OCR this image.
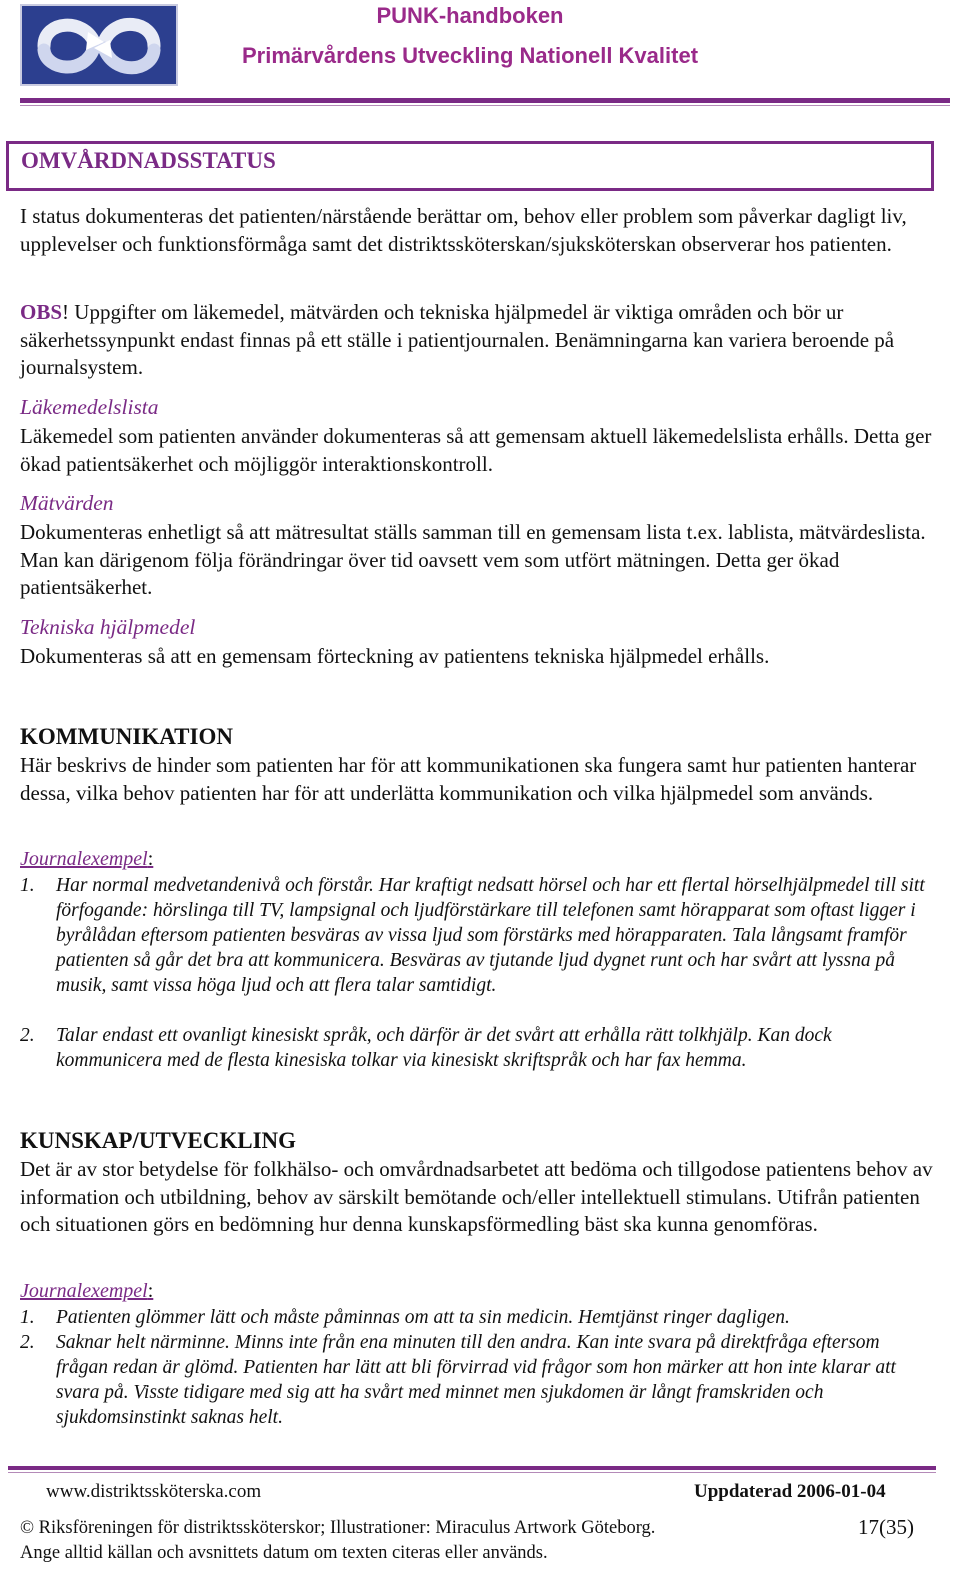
PUNK-handboken
Primärvårdens Utveckling Nationell Kvalitet
OMVÅRDNADSSTATUS

I status dokumenteras det patienten/närstående berättar om, behov eller problem som påverkar dagligt liv, upplevelser och funktionsförmåga samt det distriktssköterskan/sjuksköterskan observerar hos patienten.

OBS! Uppgifter om läkemedel, mätvärden och tekniska hjälpmedel är viktiga områden och bör ur säkerhetssynpunkt endast finnas på ett ställe i patientjournalen. Benämningarna kan variera beroende på journalsystem.

Läkemedelslista

Läkemedel som patienten använder dokumenteras så att gemensam aktuell läkemedelslista erhålls. Detta ger ökad patientsäkerhet och möjliggör interaktionskontroll.

Mätvärden

Dokumenteras enhetligt så att mätresultat ställs samman till en gemensam lista t.ex. lablista, mätvärdeslista. Man kan därigenom följa förändringar över tid oavsett vem som utfört mätningen. Detta ger ökad patientsäkerhet.

Tekniska hjälpmedel

Dokumenteras så att en gemensam förteckning av patientens tekniska hjälpmedel erhålls.

KOMMUNIKATION

Här beskrivs de hinder som patienten har för att kommunikationen ska fungera samt hur patienten hanterar dessa, vilka behov patienten har för att underlätta kommunikation och vilka hjälpmedel som används.

Journalexempel:
1.	Har normal medvetandenivå och förstår. Har kraftigt nedsatt hörsel och har ett flertal hörselhjälpmedel till sitt förfogande: hörslinga till TV, lampsignal och ljudförstärkare till telefonen samt hörapparat som oftast ligger i byrålådan eftersom patienten besväras av vissa ljud som förstärks med hörapparaten. Tala långsamt framför patienten så går det bra att kommunicera. Besväras av tjutande ljud dygnet runt och har svårt att lyssna på musik, samt vissa höga ljud och att flera talar samtidigt.
2.	Talar endast ett ovanligt kinesiskt språk, och därför är det svårt att erhålla rätt tolkhjälp. Kan dock kommunicera med de flesta kinesiska tolkar via kinesiskt skriftspråk och har fax hemma.

KUNSKAP/UTVECKLING

Det är av stor betydelse för folkhälso- och omvårdnadsarbetet att bedöma och tillgodose patientens behov av information och utbildning, behov av särskilt bemötande och/eller intellektuell stimulans. Utifrån patienten och situationen görs en bedömning hur denna kunskapsförmedling bäst ska kunna genomföras.

Journalexempel:
1.	Patienten glömmer lätt och måste påminnas om att ta sin medicin. Hemtjänst ringer dagligen.
2.	Saknar helt närminne. Minns inte från ena minuten till den andra. Kan inte svara på direktfråga eftersom frågan redan är glömd. Patienten har lätt att bli förvirrad vid frågor som hon märker att hon inte klarar att svara på. Visste tidigare med sig att ha svårt med minnet men sjukdomen är långt framskriden och sjukdomsinstinkt saknas helt.
www.distriktssköterska.com	Uppdaterad 2006-01-04
© Riksföreningen för distriktssköterskor; Illustrationer: Miraculus Artwork Göteborg.	17(35)
Ange alltid källan och avsnittets datum om texten citeras eller används.
